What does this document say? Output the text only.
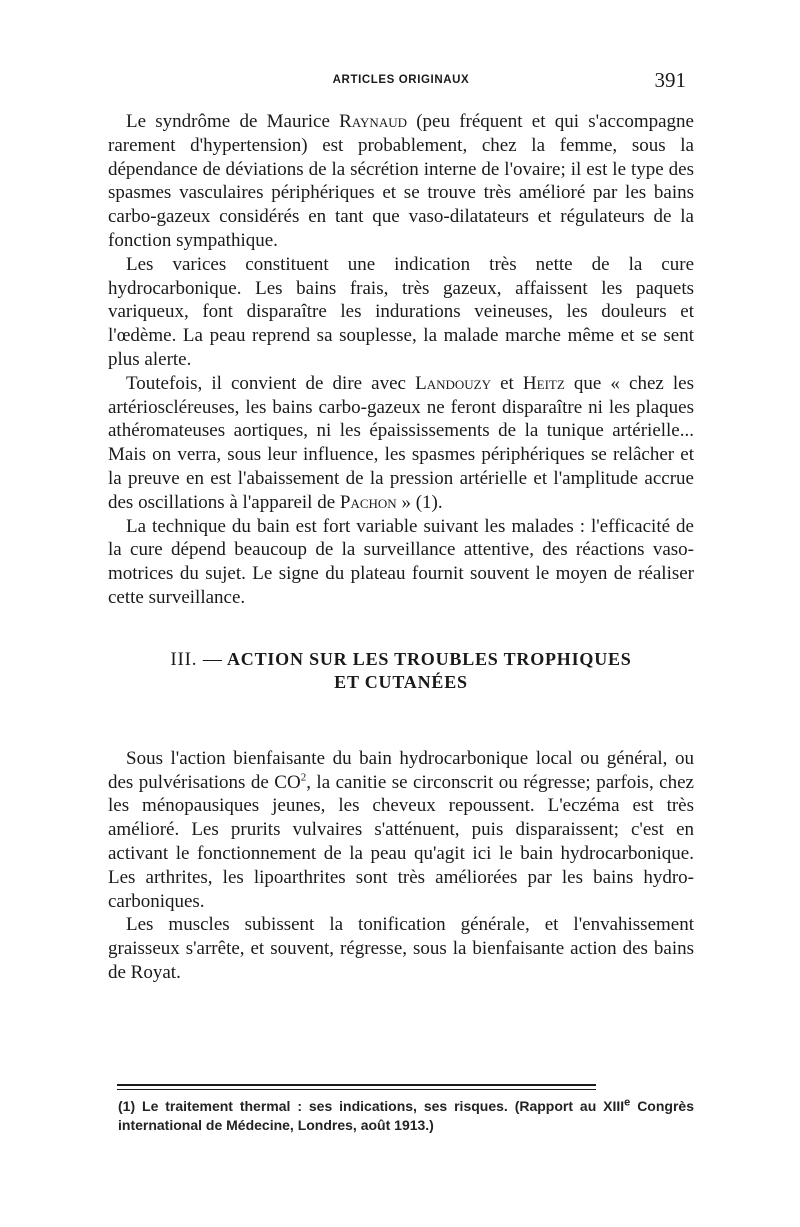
ARTICLES ORIGINAUX	391

Le syndrôme de Maurice Raynaud (peu fréquent et qui s'accompagne rarement d'hypertension) est probablement, chez la femme, sous la dépendance de déviations de la sécrétion interne de l'ovaire; il est le type des spasmes vasculaires périphériques et se trouve très amélioré par les bains carbo-gazeux considérés en tant que vaso-dilatateurs et régulateurs de la fonction sympathique.

Les varices constituent une indication très nette de la cure hydrocarbonique. Les bains frais, très gazeux, affaissent les paquets variqueux, font disparaître les indurations veineuses, les douleurs et l'œdème. La peau reprend sa souplesse, la malade marche même et se sent plus alerte.

Toutefois, il convient de dire avec Landouzy et Heitz que « chez les artérioscléreuses, les bains carbo-gazeux ne feront disparaître ni les plaques athéromateuses aortiques, ni les épaississements de la tunique artérielle... Mais on verra, sous leur influence, les spasmes périphériques se relâcher et la preuve en est l'abaissement de la pression artérielle et l'amplitude accrue des oscillations à l'appareil de Pachon » (1).

La technique du bain est fort variable suivant les malades : l'efficacité de la cure dépend beaucoup de la surveillance attentive, des réactions vaso-motrices du sujet. Le signe du plateau fournit souvent le moyen de réaliser cette surveillance.

III. — ACTION SUR LES TROUBLES TROPHIQUES
ET CUTANÉES

Sous l'action bienfaisante du bain hydrocarbonique local ou général, ou des pulvérisations de $CO^2$, la canitie se circonscrit ou régresse; parfois, chez les ménopausiques jeunes, les cheveux repoussent. L'eczéma est très amélioré. Les prurits vulvaires s'atténuent, puis disparaissent; c'est en activant le fonctionnement de la peau qu'agit ici le bain hydrocarbonique. Les arthrites, les lipoarthrites sont très améliorées par les bains hydro-carboniques.

Les muscles subissent la tonification générale, et l'envahissement graisseux s'arrête, et souvent, régresse, sous la bienfaisante action des bains de Royat.

(1) Le traitement thermal : ses indications, ses risques. (Rapport au XIIIe Congrès international de Médecine, Londres, août 1913.)
